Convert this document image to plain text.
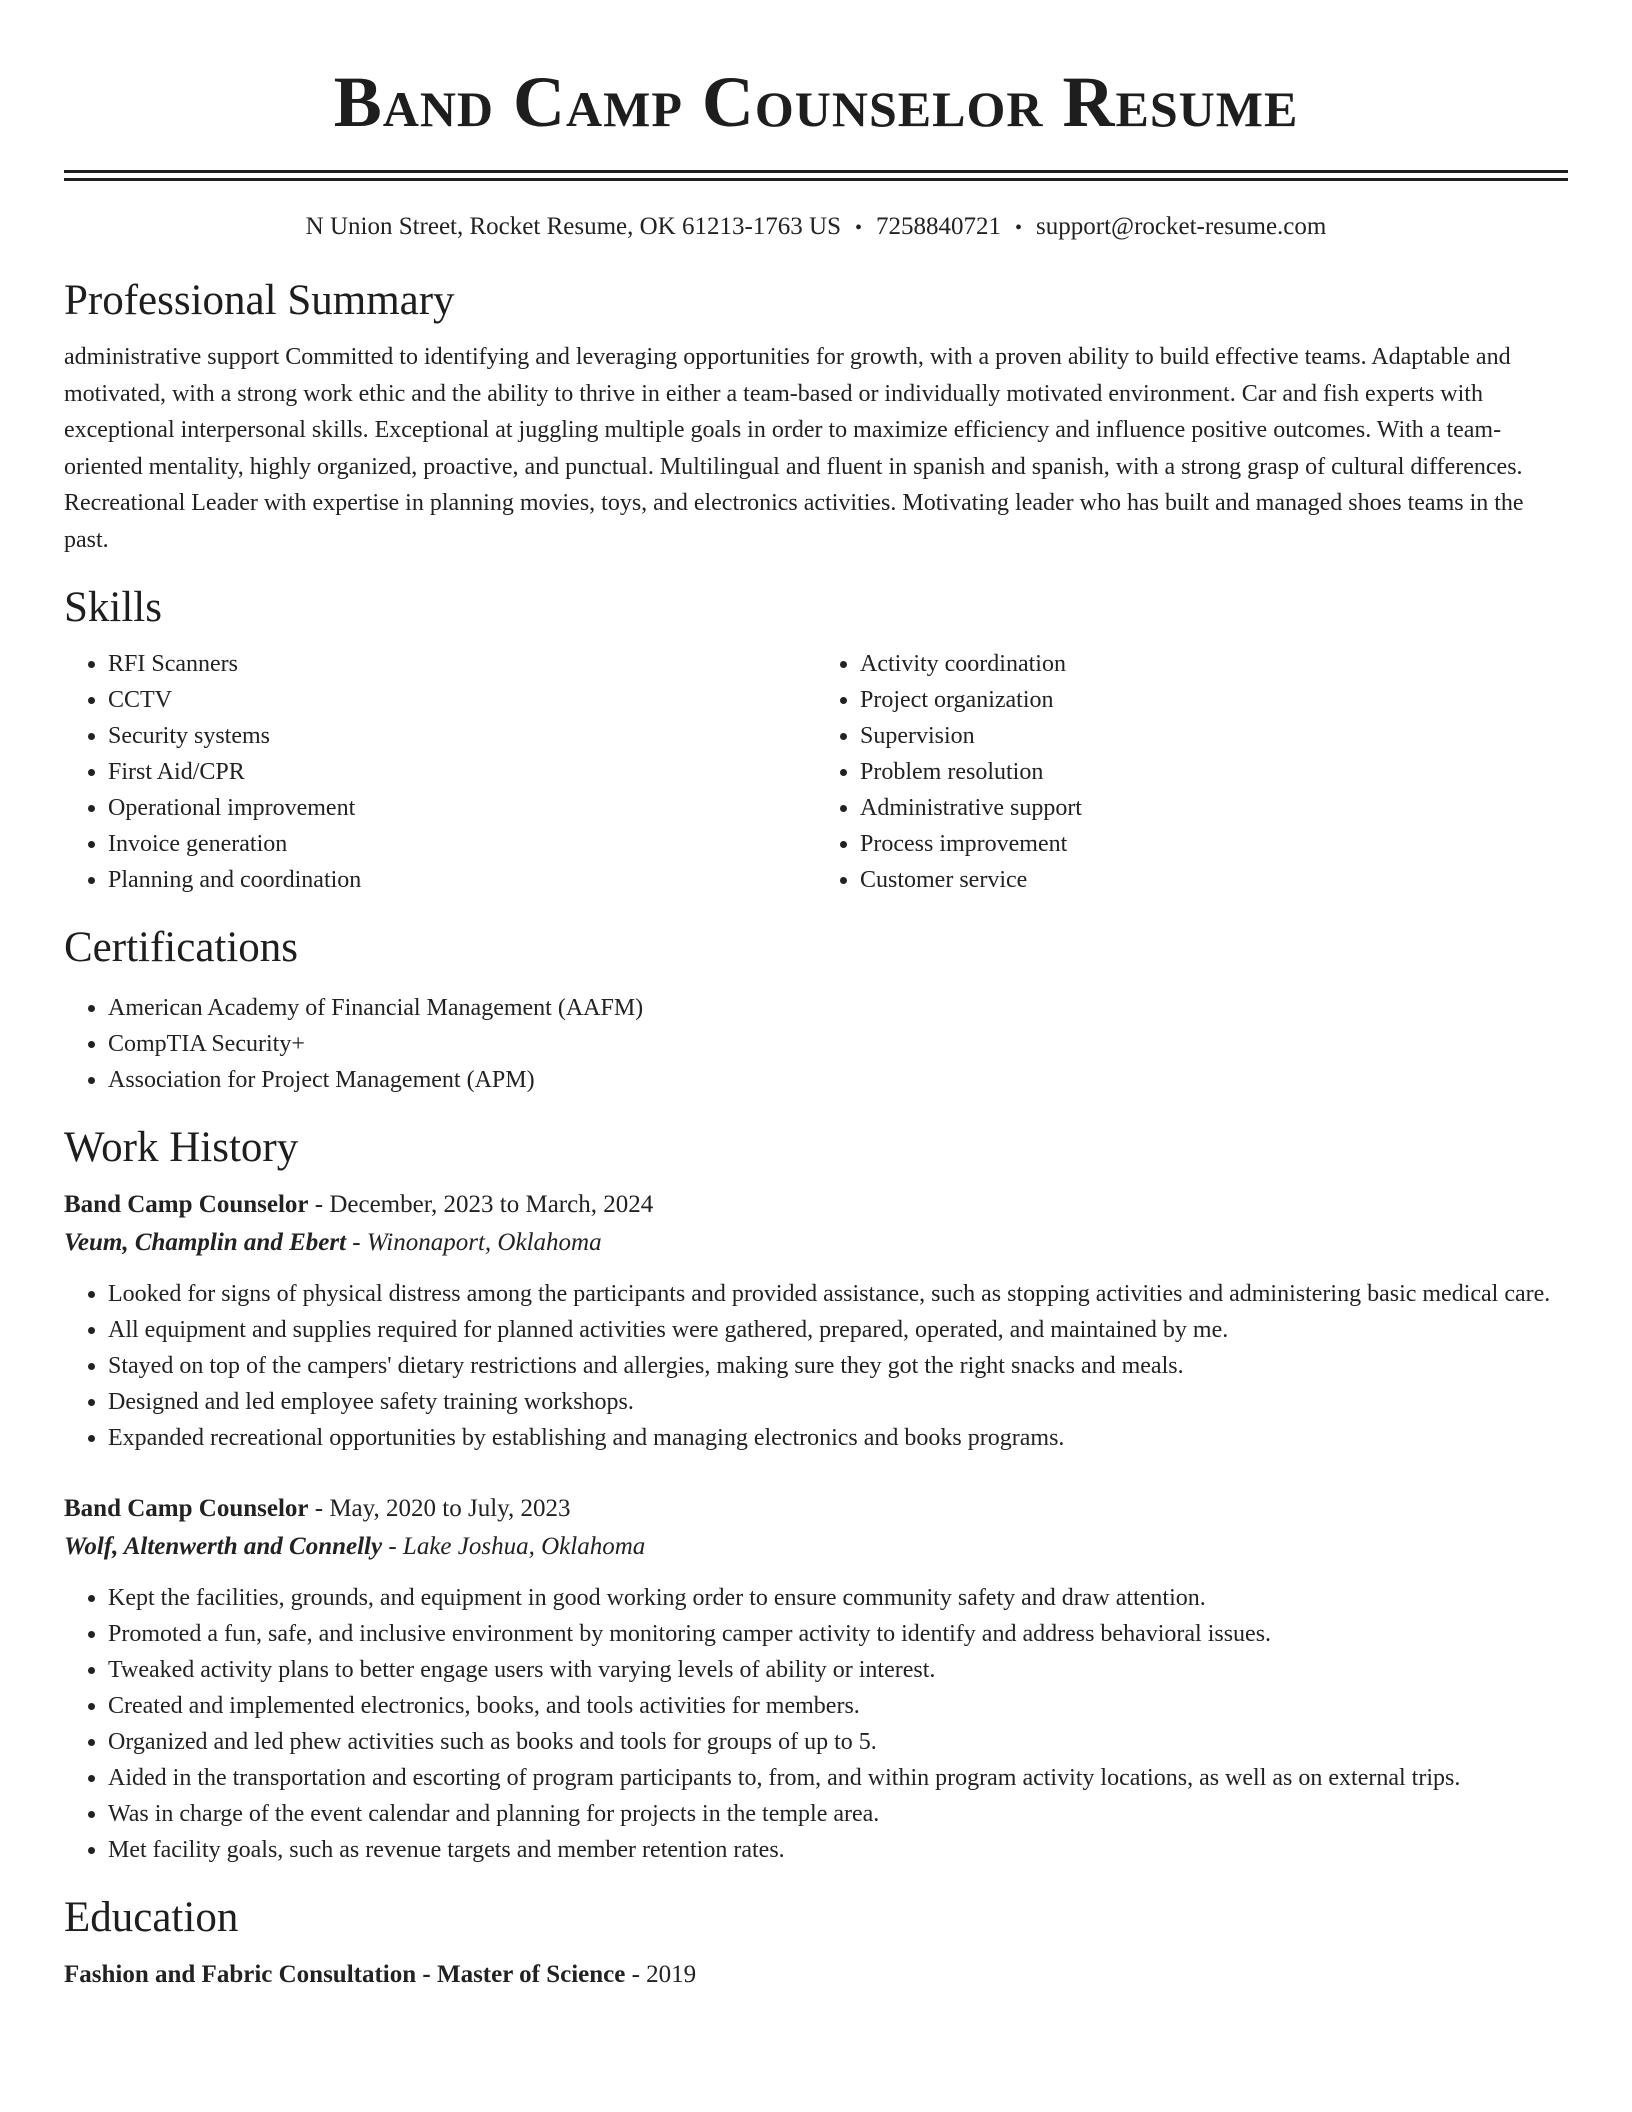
Band Camp Counselor Resume
N Union Street, Rocket Resume, OK 61213-1763 US • 7258840721 • support@rocket-resume.com
Professional Summary

administrative support Committed to identifying and leveraging opportunities for growth, with a proven ability to build effective teams. Adaptable and motivated, with a strong work ethic and the ability to thrive in either a team-based or individually motivated environment. Car and fish experts with exceptional interpersonal skills. Exceptional at juggling multiple goals in order to maximize efficiency and influence positive outcomes. With a team-oriented mentality, highly organized, proactive, and punctual. Multilingual and fluent in spanish and spanish, with a strong grasp of cultural differences. Recreational Leader with expertise in planning movies, toys, and electronics activities. Motivating leader who has built and managed shoes teams in the past.

Skills
• RFI Scanners
• CCTV
• Security systems
• First Aid/CPR
• Operational improvement
• Invoice generation
• Planning and coordination
• Activity coordination
• Project organization
• Supervision
• Problem resolution
• Administrative support
• Process improvement
• Customer service
Certifications
• American Academy of Financial Management (AAFM)
• CompTIA Security+
• Association for Project Management (APM)
Work History
Band Camp Counselor - December, 2023 to March, 2024
Veum, Champlin and Ebert - Winonaport, Oklahoma
• Looked for signs of physical distress among the participants and provided assistance, such as stopping activities and administering basic medical care.
• All equipment and supplies required for planned activities were gathered, prepared, operated, and maintained by me.
• Stayed on top of the campers' dietary restrictions and allergies, making sure they got the right snacks and meals.
• Designed and led employee safety training workshops.
• Expanded recreational opportunities by establishing and managing electronics and books programs.
Band Camp Counselor - May, 2020 to July, 2023
Wolf, Altenwerth and Connelly - Lake Joshua, Oklahoma
• Kept the facilities, grounds, and equipment in good working order to ensure community safety and draw attention.
• Promoted a fun, safe, and inclusive environment by monitoring camper activity to identify and address behavioral issues.
• Tweaked activity plans to better engage users with varying levels of ability or interest.
• Created and implemented electronics, books, and tools activities for members.
• Organized and led phew activities such as books and tools for groups of up to 5.
• Aided in the transportation and escorting of program participants to, from, and within program activity locations, as well as on external trips.
• Was in charge of the event calendar and planning for projects in the temple area.
• Met facility goals, such as revenue targets and member retention rates.
Education
Fashion and Fabric Consultation - Master of Science - 2019
